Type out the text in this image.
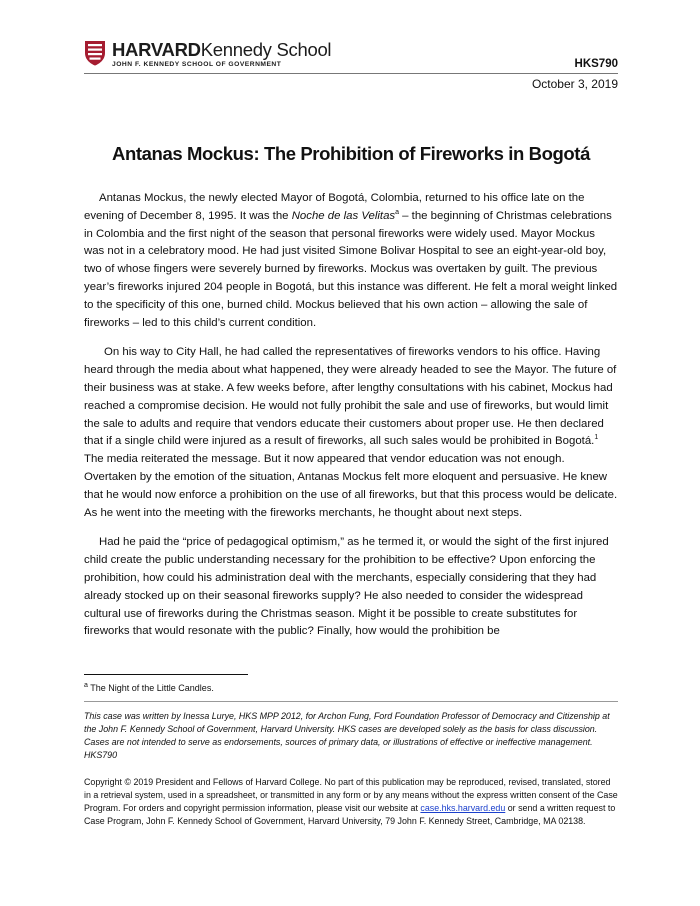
HARVARDKennedy School
JOHN F. KENNEDY SCHOOL OF GOVERNMENT	HKS790
October 3, 2019
Antanas Mockus: The Prohibition of Fireworks in Bogotá

Antanas Mockus, the newly elected Mayor of Bogotá, Colombia, returned to his office late on the evening of December 8, 1995. It was the Noche de las Velitas$^a$ – the beginning of Christmas celebrations in Colombia and the first night of the season that personal fireworks were widely used. Mayor Mockus was not in a celebratory mood. He had just visited Simone Bolivar Hospital to see an eight-year-old boy, two of whose fingers were severely burned by fireworks. Mockus was overtaken by guilt. The previous year’s fireworks injured 204 people in Bogotá, but this instance was different. He felt a moral weight linked to the specificity of this one, burned child. Mockus believed that his own action – allowing the sale of fireworks – led to this child’s current condition.

On his way to City Hall, he had called the representatives of fireworks vendors to his office. Having heard through the media about what happened, they were already headed to see the Mayor. The future of their business was at stake. A few weeks before, after lengthy consultations with his cabinet, Mockus had reached a compromise decision. He would not fully prohibit the sale and use of fireworks, but would limit the sale to adults and require that vendors educate their customers about proper use. He then declared that if a single child were injured as a result of fireworks, all such sales would be prohibited in Bogotá.$^1$ The media reiterated the message. But it now appeared that vendor education was not enough. Overtaken by the emotion of the situation, Antanas Mockus felt more eloquent and persuasive. He knew that he would now enforce a prohibition on the use of all fireworks, but that this process would be delicate. As he went into the meeting with the fireworks merchants, he thought about next steps.

Had he paid the “price of pedagogical optimism,” as he termed it, or would the sight of the first injured child create the public understanding necessary for the prohibition to be effective? Upon enforcing the prohibition, how could his administration deal with the merchants, especially considering that they had already stocked up on their seasonal fireworks supply? He also needed to consider the widespread cultural use of fireworks during the Christmas season. Might it be possible to create substitutes for fireworks that would resonate with the public? Finally, how would the prohibition be

$^a$ The Night of the Little Candles.
This case was written by Inessa Lurye, HKS MPP 2012, for Archon Fung, Ford Foundation Professor of Democracy and Citizenship at the John F. Kennedy School of Government, Harvard University. HKS cases are developed solely as the basis for class discussion. Cases are not intended to serve as endorsements, sources of primary data, or illustrations of effective or ineffective management. HKS790
Copyright © 2019 President and Fellows of Harvard College. No part of this publication may be reproduced, revised, translated, stored in a retrieval system, used in a spreadsheet, or transmitted in any form or by any means without the express written consent of the Case Program. For orders and copyright permission information, please visit our website at case.hks.harvard.edu or send a written request to Case Program, John F. Kennedy School of Government, Harvard University, 79 John F. Kennedy Street, Cambridge, MA 02138.
